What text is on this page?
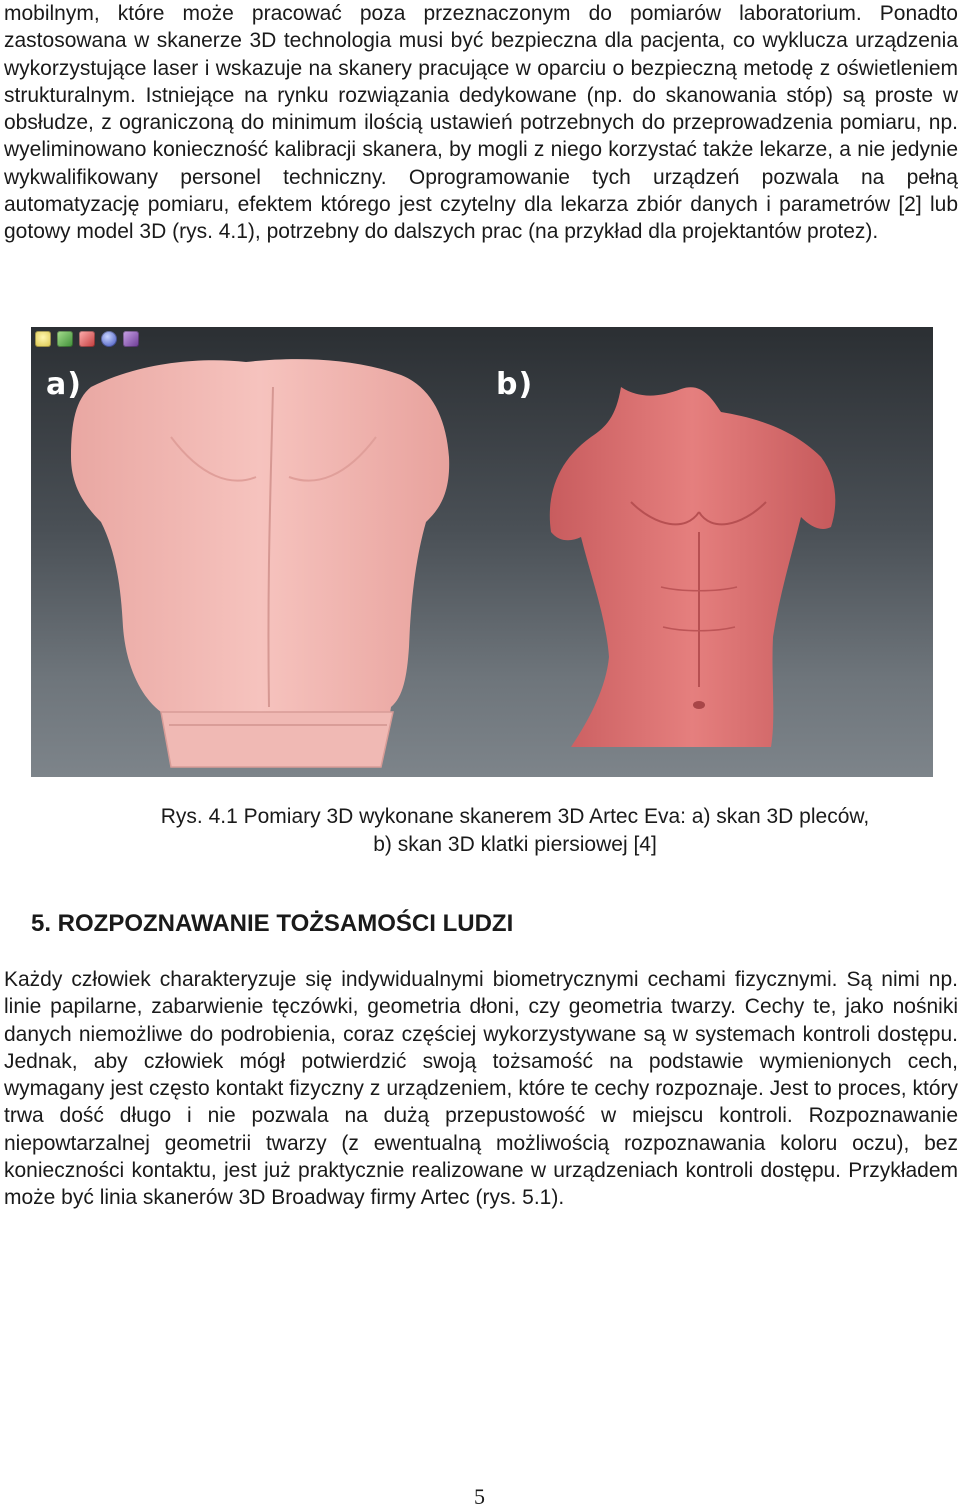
mobilnym, które może pracować poza przeznaczonym do pomiarów laboratorium. Ponadto zastosowana w skanerze 3D technologia musi być bezpieczna dla pacjenta, co wyklucza urządzenia wykorzystujące laser i wskazuje na skanery pracujące w oparciu o bezpieczną metodę z oświetleniem strukturalnym. Istniejące na rynku rozwiązania dedykowane (np. do skanowania stóp) są proste w obsłudze, z ograniczoną do minimum ilością ustawień potrzebnych do przeprowadzenia pomiaru, np. wyeliminowano konieczność kalibracji skanera, by mogli z niego korzystać także lekarze, a nie jedynie wykwalifikowany personel techniczny. Oprogramowanie tych urządzeń pozwala na pełną automatyzację pomiaru, efektem którego jest czytelny dla lekarza zbiór danych i parametrów [2] lub gotowy model 3D (rys. 4.1), potrzebny do dalszych prac (na przykład dla projektantów protez).

a)	b)
Rys. 4.1 Pomiary 3D wykonane skanerem 3D Artec Eva: a) skan 3D pleców,
b) skan 3D klatki piersiowej [4]
5. ROZPOZNAWANIE TOŻSAMOŚCI LUDZI

Każdy człowiek charakteryzuje się indywidualnymi biometrycznymi cechami fizycznymi. Są nimi np. linie papilarne, zabarwienie tęczówki, geometria dłoni, czy geometria twarzy. Cechy te, jako nośniki danych niemożliwe do podrobienia, coraz częściej wykorzystywane są w systemach kontroli dostępu. Jednak, aby człowiek mógł potwierdzić swoją tożsamość na podstawie wymienionych cech, wymagany jest często kontakt fizyczny z urządzeniem, które te cechy rozpoznaje. Jest to proces, który trwa dość długo i nie pozwala na dużą przepustowość w miejscu kontroli. Rozpoznawanie niepowtarzalnej geometrii twarzy (z ewentualną możliwością rozpoznawania koloru oczu), bez konieczności kontaktu, jest już praktycznie realizowane w urządzeniach kontroli dostępu. Przykładem może być linia skanerów 3D Broadway firmy Artec (rys. 5.1).

5
